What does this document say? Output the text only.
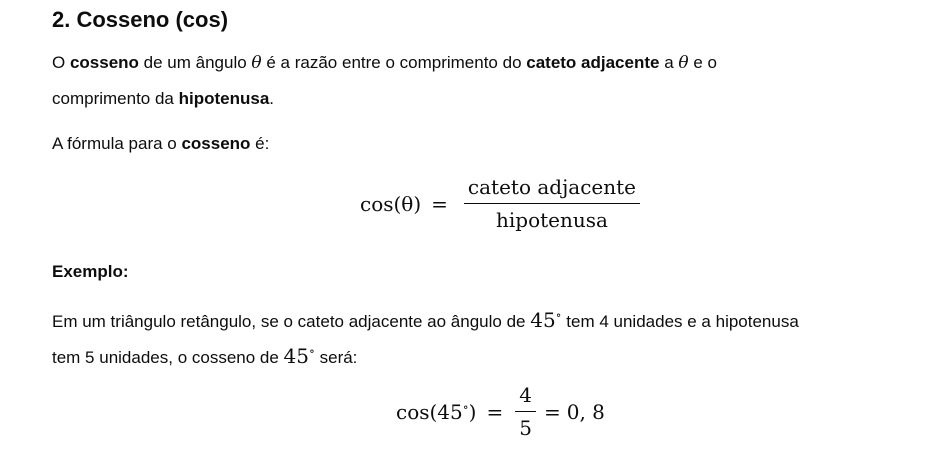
2. Cosseno (cos)
O cosseno de um ângulo θ é a razão entre o comprimento do cateto adjacente a θ e o
comprimento da hipotenusa.
A fórmula para o cosseno é:
$\cos(\theta) = \frac{\text{cateto adjacente}}{\text{hipotenusa}}$
Exemplo:
Em um triângulo retângulo, se o cateto adjacente ao ângulo de 45∘ tem 4 unidades e a hipotenusa
tem 5 unidades, o cosseno de 45∘ será:
$\cos(45^\circ) = \frac{4}{5} = 0$, 8
